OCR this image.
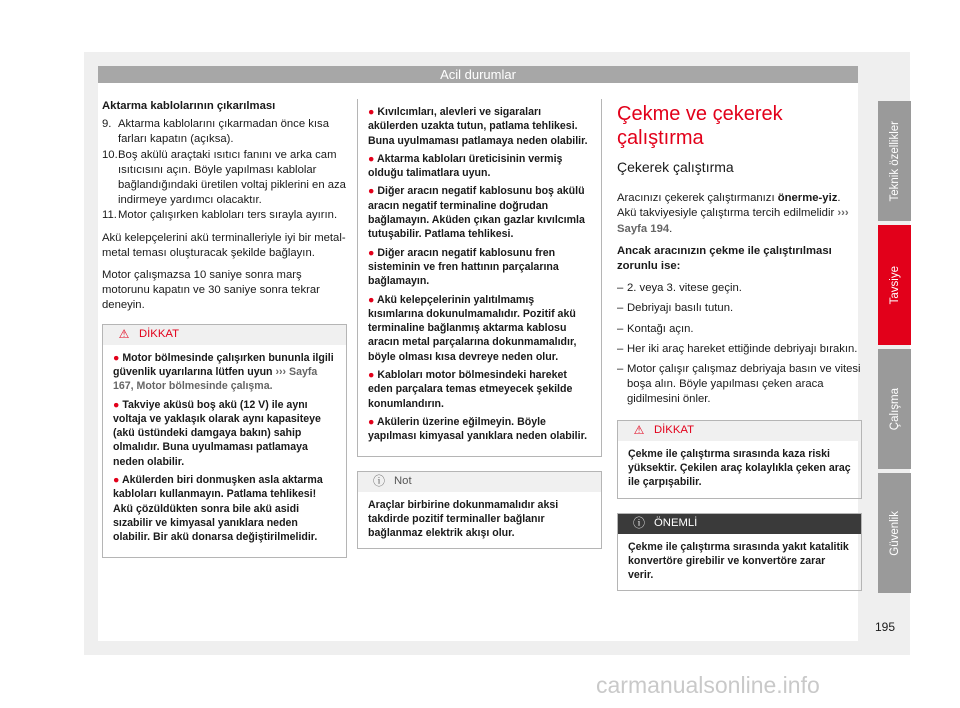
Acil durumlar
Aktarma kablolarının çıkarılması
9. Aktarma kablolarını çıkarmadan önce kısa farları kapatın (açıksa).
10. Boş akülü araçtaki ısıtıcı fanını ve arka cam ısıtıcısını açın. Böyle yapılması kablolar bağlandığındaki üretilen voltaj piklerini en aza indirmeye yardımcı olacaktır.
11. Motor çalışırken kabloları ters sırayla ayırın.

Akü kelepçelerini akü terminalleriyle iyi bir metal-metal teması oluşturacak şekilde bağlayın.

Motor çalışmazsa 10 saniye sonra marş motorunu kapatın ve 30 saniye sonra tekrar deneyin.

⚠ DİKKAT
● Motor bölmesinde çalışırken bununla ilgili güvenlik uyarılarına lütfen uyun ››› Sayfa 167, Motor bölmesinde çalışma.
● Takviye aküsü boş akü (12 V) ile aynı voltaja ve yaklaşık olarak aynı kapasiteye (akü üstündeki damgaya bakın) sahip olmalıdır. Buna uyulmaması patlamaya neden olabilir.
● Akülerden biri donmuşken asla aktarma kabloları kullanmayın. Patlama tehlikesi! Akü çözüldükten sonra bile akü asidi sızabilir ve kimyasal yanıklara neden olabilir. Bir akü donarsa değiştirilmelidir.
● Kıvılcımları, alevleri ve sigaraları akülerden uzakta tutun, patlama tehlikesi. Buna uyulmaması patlamaya neden olabilir.
● Aktarma kabloları üreticisinin vermiş olduğu talimatlara uyun.
● Diğer aracın negatif kablosunu boş akülü aracın negatif terminaline doğrudan bağlamayın. Aküden çıkan gazlar kıvılcımla tutuşabilir. Patlama tehlikesi.
● Diğer aracın negatif kablosunu fren sisteminin ve fren hattının parçalarına bağlamayın.
● Akü kelepçelerinin yalıtılmamış kısımlarına dokunulmamalıdır. Pozitif akü terminaline bağlanmış aktarma kablosu aracın metal parçalarına dokunmamalıdır, böyle olması kısa devreye neden olur.
● Kabloları motor bölmesindeki hareket eden parçalara temas etmeyecek şekilde konumlandırın.
● Akülerin üzerine eğilmeyin. Böyle yapılması kimyasal yanıklara neden olabilir.
ⓘ Not
Araçlar birbirine dokunmamalıdır aksi takdirde pozitif terminaller bağlanır bağlanmaz elektrik akışı olur.
Çekme ve çekerek çalıştırma
Çekerek çalıştırma

Aracınızı çekerek çalıştırmanızı önerme-yiz. Akü takviyesiyle çalıştırma tercih edilmelidir ››› Sayfa 194.

Ancak aracınızın çekme ile çalıştırılması zorunlu ise:

– 2. veya 3. vitese geçin.
– Debriyajı basılı tutun.
– Kontağı açın.
– Her iki araç hareket ettiğinde debriyajı bırakın.
– Motor çalışır çalışmaz debriyaja basın ve vitesi boşa alın. Böyle yapılması çeken araca gidilmesini önler.
⚠ DİKKAT
Çekme ile çalıştırma sırasında kaza riski yüksektir. Çekilen araç kolaylıkla çeken araç ile çarpışabilir.
ⓘ ÖNEMLİ
Çekme ile çalıştırma sırasında yakıt katalitik konvertöre girebilir ve konvertöre zarar verir.
Teknik özellikler
Tavsiye
Çalışma
Güvenlik
195
carmanualsonline.info
